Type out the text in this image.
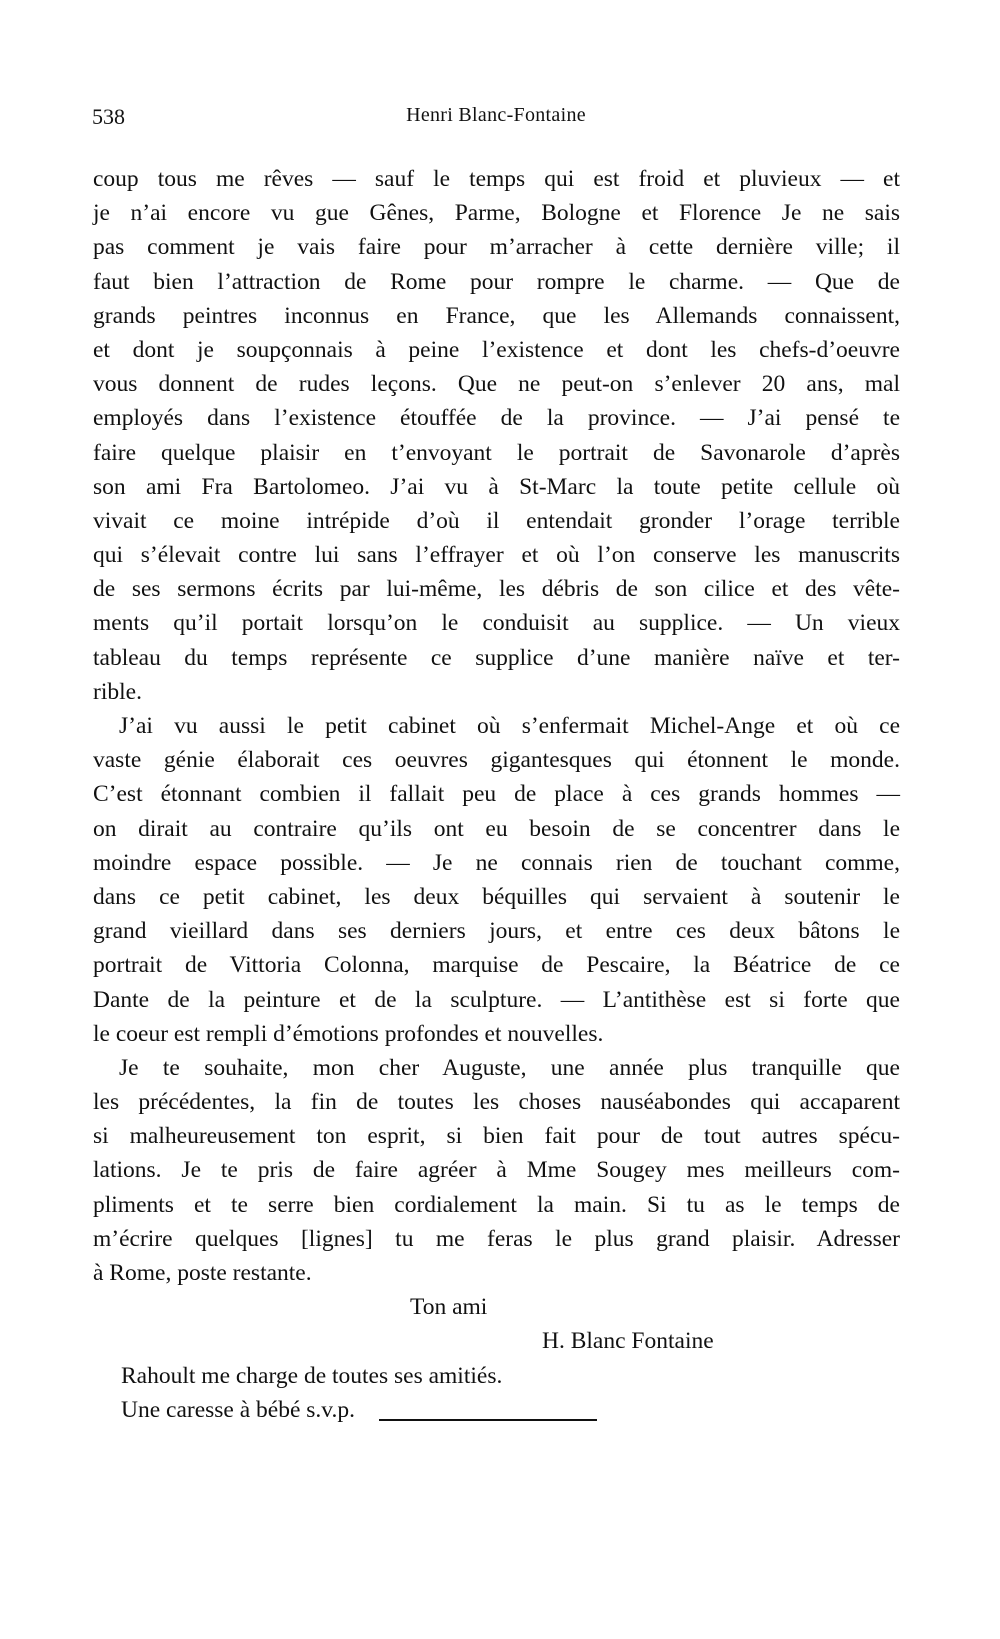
538	Henri Blanc-Fontaine
coup tous me rêves — sauf le temps qui est froid et pluvieux — et
je n’ai encore vu gue Gênes, Parme, Bologne et Florence Je ne sais
pas comment je vais faire pour m’arracher à cette dernière ville; il
faut bien l’attraction de Rome pour rompre le charme. — Que de
grands peintres inconnus en France, que les Allemands connaissent,
et dont je soupçonnais à peine l’existence et dont les chefs-d’oeuvre
vous donnent de rudes leçons. Que ne peut-on s’enlever 20 ans, mal
employés dans l’existence étouffée de la province. — J’ai pensé te
faire quelque plaisir en t’envoyant le portrait de Savonarole d’après
son ami Fra Bartolomeo. J’ai vu à St-Marc la toute petite cellule où
vivait ce moine intrépide d’où il entendait gronder l’orage terrible
qui s’élevait contre lui sans l’effrayer et où l’on conserve les manuscrits
de ses sermons écrits par lui-même, les débris de son cilice et des vête-
ments qu’il portait lorsqu’on le conduisit au supplice. — Un vieux
tableau du temps représente ce supplice d’une manière naïve et ter-
rible.
J’ai vu aussi le petit cabinet où s’enfermait Michel-Ange et où ce
vaste génie élaborait ces oeuvres gigantesques qui étonnent le monde.
C’est étonnant combien il fallait peu de place à ces grands hommes —
on dirait au contraire qu’ils ont eu besoin de se concentrer dans le
moindre espace possible. — Je ne connais rien de touchant comme,
dans ce petit cabinet, les deux béquilles qui servaient à soutenir le
grand vieillard dans ses derniers jours, et entre ces deux bâtons le
portrait de Vittoria Colonna, marquise de Pescaire, la Béatrice de ce
Dante de la peinture et de la sculpture. — L’antithèse est si forte que
le coeur est rempli d’émotions profondes et nouvelles.
Je te souhaite, mon cher Auguste, une année plus tranquille que
les précédentes, la fin de toutes les choses nauséabondes qui accaparent
si malheureusement ton esprit, si bien fait pour de tout autres spécu-
lations. Je te pris de faire agréer à Mme Sougey mes meilleurs com-
pliments et te serre bien cordialement la main. Si tu as le temps de
m’écrire quelques [lignes] tu me feras le plus grand plaisir. Adresser
à Rome, poste restante.
Ton ami
H. Blanc Fontaine
Rahoult me charge de toutes ses amitiés.
Une caresse à bébé s.v.p.
